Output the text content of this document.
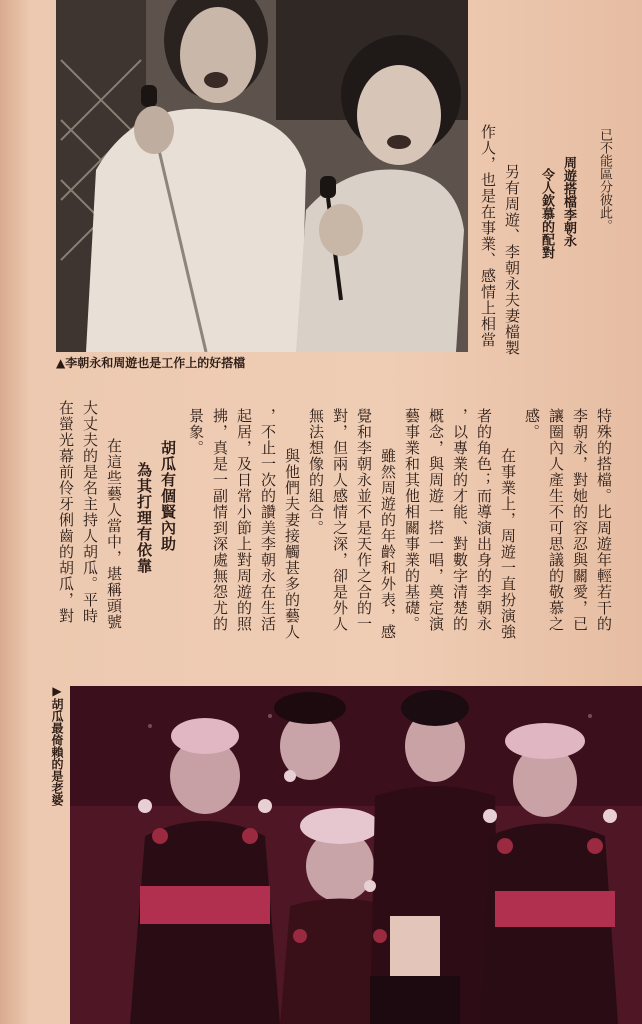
▲李朝永和周遊也是工作上的好搭檔
已不能區分彼此。
周遊搭檔李朝永
令人欽慕的配對
另有周遊、李朝永夫妻檔製
作人，也是在事業、感情上相當
特殊的搭檔。比周遊年輕若干的
李朝永，對她的容忍與關愛，已
讓圈內人產生不可思議的敬慕之
感。
在事業上，周遊一直扮演強
者的角色；而導演出身的李朝永
，以專業的才能、對數字清楚的
概念，與周遊一搭一唱，奠定演
藝事業和其他相關事業的基礎。
雖然周遊的年齡和外表，感
覺和李朝永並不是天作之合的一
對，但兩人感情之深，卻是外人
無法想像的組合。
與他們夫妻接觸甚多的藝人
，不止一次的讚美李朝永在生活
起居，及日常小節上對周遊的照
拂，真是一副情到深處無怨尤的
景象。
胡瓜有個賢內助
為其打理有依靠
在這些藝人當中，堪稱頭號
大丈夫的是名主持人胡瓜。平時
在螢光幕前伶牙俐齒的胡瓜，對
▶胡瓜最倚賴的是老婆
